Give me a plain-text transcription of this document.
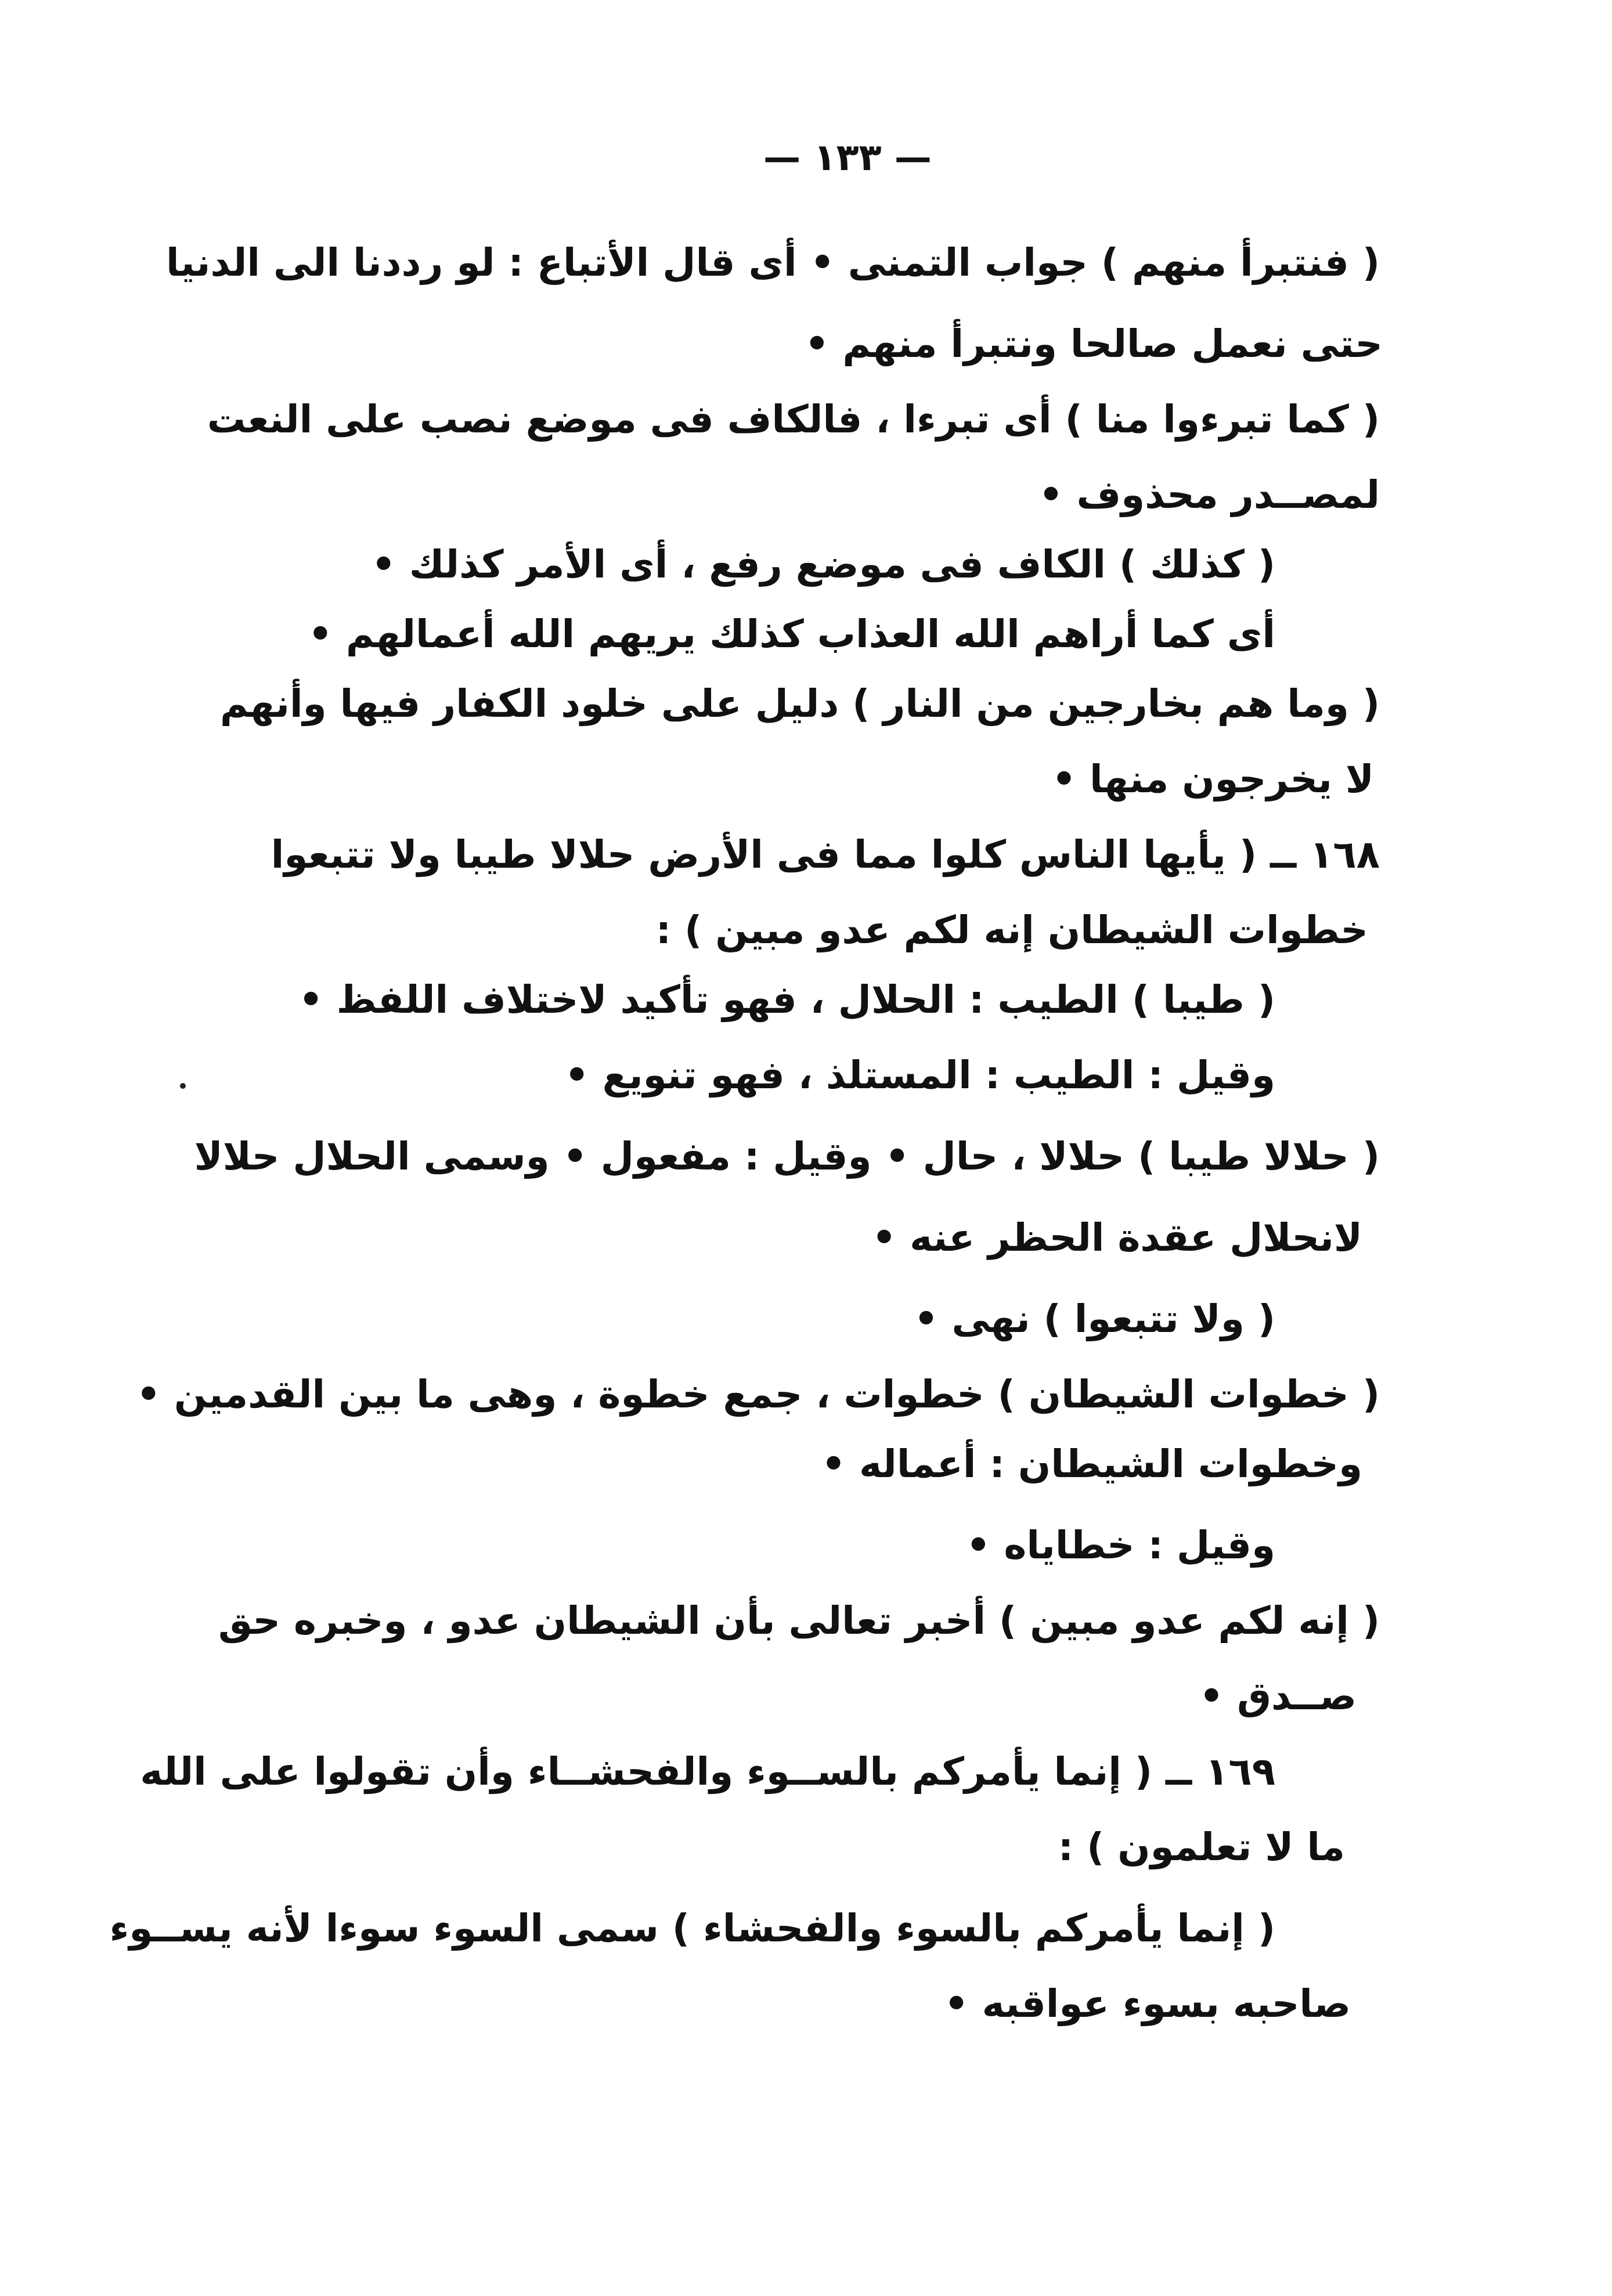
— ١٣٣ —
( فنتبرأ منهم ) جواب التمنى • أى قال الأتباع : لو رددنا الى الدنيا
حتى نعمل صالحا ونتبرأ منهم •
( كما تبرءوا منا ) أى تبرءا ، فالكاف فى موضع نصب على النعت
لمصــدر محذوف •
( كذلك ) الكاف فى موضع رفع ، أى الأمر كذلك •
أى كما أراهم الله العذاب كذلك يريهم الله أعمالهم •
( وما هم بخارجين من النار ) دليل على خلود الكفار فيها وأنهم
لا يخرجون منها •
١٦٨ ــ ( يأيها الناس كلوا مما فى الأرض حلالا طيبا ولا تتبعوا
خطوات الشيطان إنه لكم عدو مبين ) :
( طيبا ) الطيب : الحلال ، فهو تأكيد لاختلاف اللفظ •
وقيل : الطيب : المستلذ ، فهو تنويع •
( حلالا طيبا ) حلالا ، حال • وقيل : مفعول • وسمى الحلال حلالا
لانحلال عقدة الحظر عنه •
( ولا تتبعوا ) نهى •
( خطوات الشيطان ) خطوات ، جمع خطوة ، وهى ما بين القدمين •
وخطوات الشيطان : أعماله •
وقيل : خطاياه •
( إنه لكم عدو مبين ) أخبر تعالى بأن الشيطان عدو ، وخبره حق
صــدق •
١٦٩ ــ ( إنما يأمركم بالســوء والفحشــاء وأن تقولوا على الله
ما لا تعلمون ) :
( إنما يأمركم بالسوء والفحشاء ) سمى السوء سوءا لأنه يســوء
صاحبه بسوء عواقبه •
